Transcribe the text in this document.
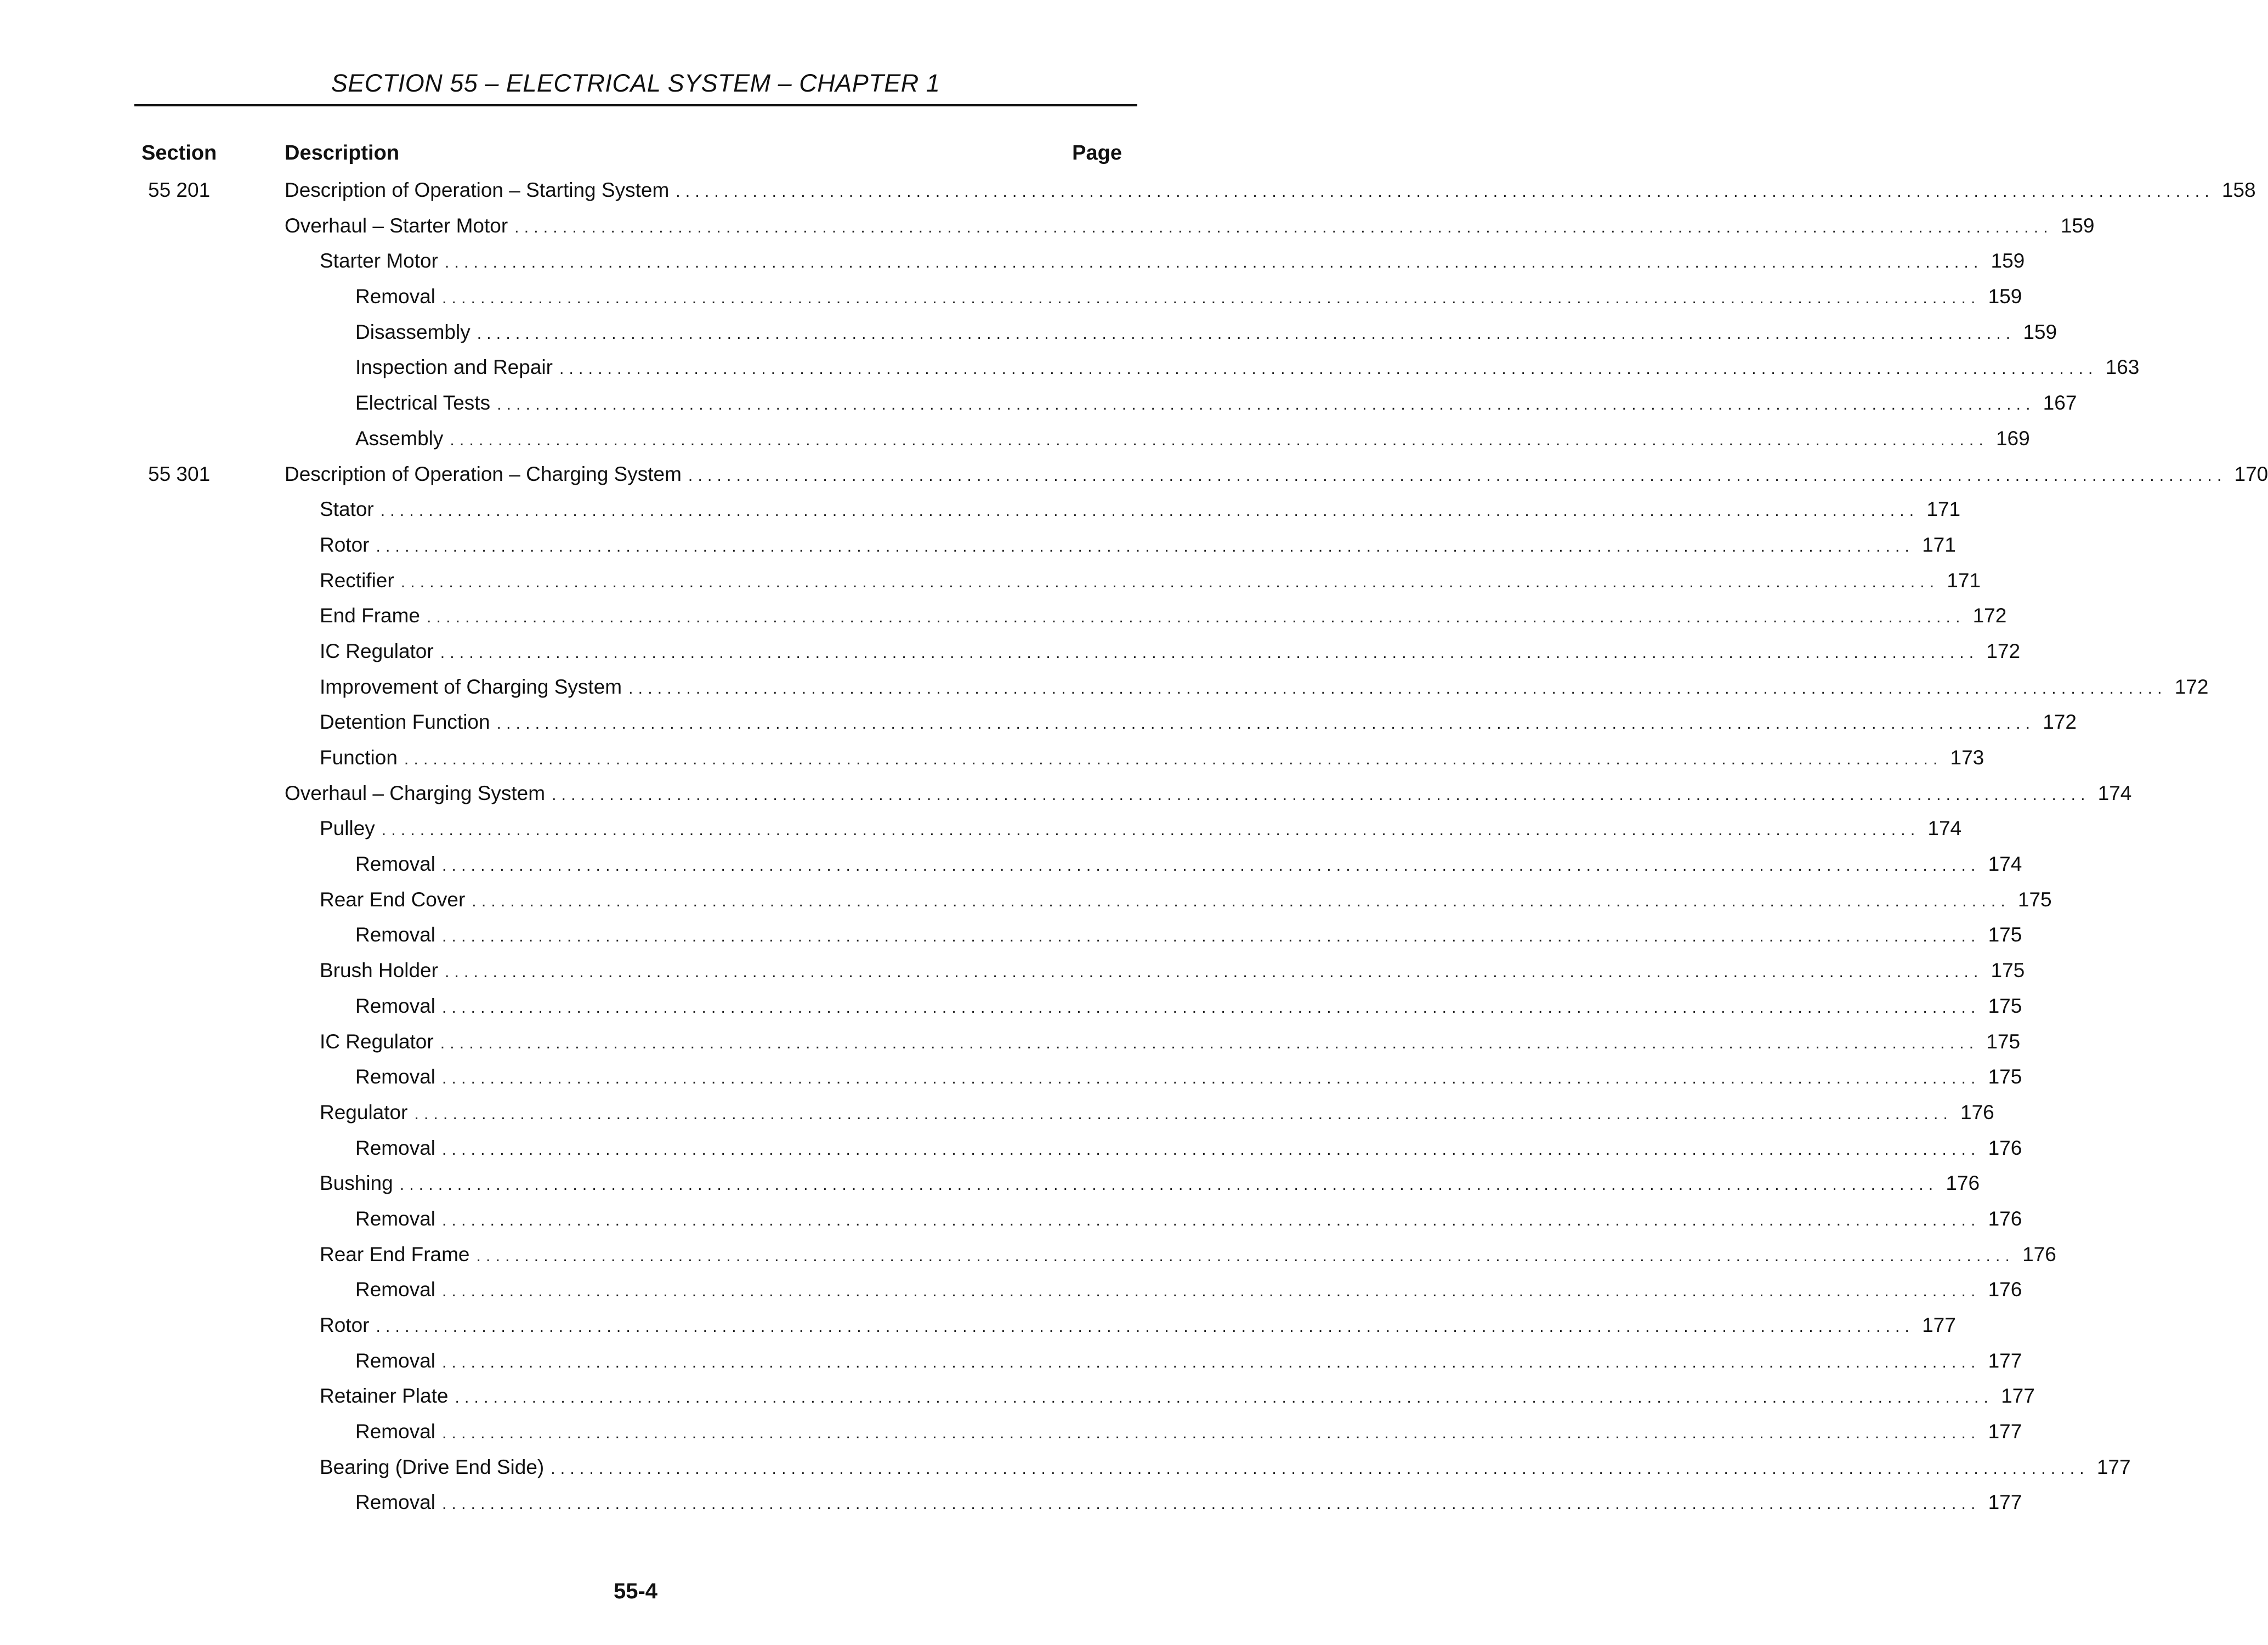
SECTION 55 – ELECTRICAL SYSTEM – CHAPTER 1
Section	Description	Page
55 201	Description of Operation – Starting System ................................................................................................................................................................ 158
Overhaul – Starter Motor ................................................................................................................................................................ 159
Starter Motor ................................................................................................................................................................ 159
Removal ................................................................................................................................................................ 159
Disassembly ................................................................................................................................................................ 159
Inspection and Repair ................................................................................................................................................................ 163
Electrical Tests ................................................................................................................................................................ 167
Assembly ................................................................................................................................................................ 169
55 301	Description of Operation – Charging System ................................................................................................................................................................ 170
Stator ................................................................................................................................................................ 171
Rotor ................................................................................................................................................................ 171
Rectifier ................................................................................................................................................................ 171
End Frame ................................................................................................................................................................ 172
IC Regulator ................................................................................................................................................................ 172
Improvement of Charging System ................................................................................................................................................................ 172
Detention Function ................................................................................................................................................................ 172
Function ................................................................................................................................................................ 173
Overhaul – Charging System ................................................................................................................................................................ 174
Pulley ................................................................................................................................................................ 174
Removal ................................................................................................................................................................ 174
Rear End Cover ................................................................................................................................................................ 175
Removal ................................................................................................................................................................ 175
Brush Holder ................................................................................................................................................................ 175
Removal ................................................................................................................................................................ 175
IC Regulator ................................................................................................................................................................ 175
Removal ................................................................................................................................................................ 175
Regulator ................................................................................................................................................................ 176
Removal ................................................................................................................................................................ 176
Bushing ................................................................................................................................................................ 176
Removal ................................................................................................................................................................ 176
Rear End Frame ................................................................................................................................................................ 176
Removal ................................................................................................................................................................ 176
Rotor ................................................................................................................................................................ 177
Removal ................................................................................................................................................................ 177
Retainer Plate ................................................................................................................................................................ 177
Removal ................................................................................................................................................................ 177
Bearing (Drive End Side) ................................................................................................................................................................ 177
Removal ................................................................................................................................................................ 177
55-4
